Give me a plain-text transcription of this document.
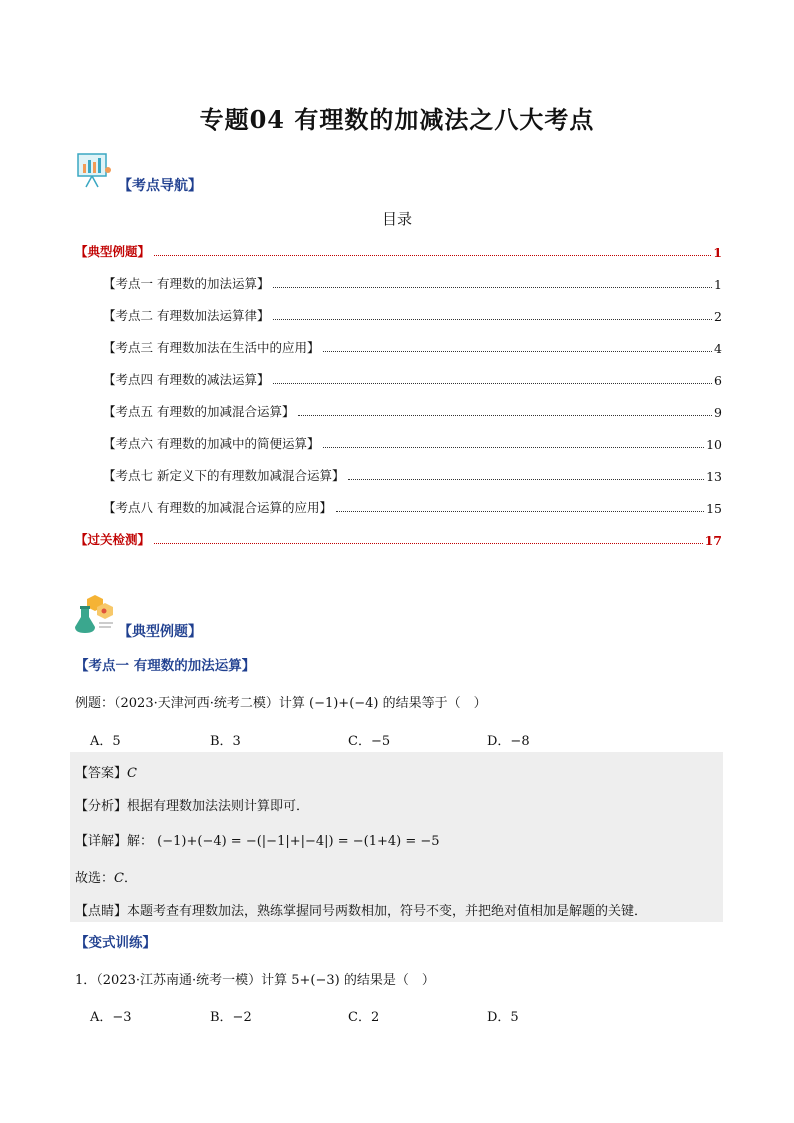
专题04 有理数的加减法之八大考点
【考点导航】
目录
【典型例题】	1
【考点一 有理数的加法运算】	1
【考点二 有理数加法运算律】	2
【考点三 有理数加法在生活中的应用】	4
【考点四 有理数的减法运算】	6
【考点五 有理数的加减混合运算】	9
【考点六 有理数的加减中的简便运算】	10
【考点七 新定义下的有理数加减混合运算】	13
【考点八 有理数的加减混合运算的应用】	15
【过关检测】	17
【典型例题】
【考点一 有理数的加法运算】
例题：（2023·天津河西·统考二模）计算 (−1)+(−4) 的结果等于（　）
A．5	B．3	C．−5	D．−8
【答案】C
【分析】根据有理数加法法则计算即可．
【详解】解： (−1)+(−4) = −(|−1|+|−4|) = −(1+4) = −5
故选：C．
【点睛】本题考查有理数加法，熟练掌握同号两数相加，符号不变，并把绝对值相加是解题的关键．
【变式训练】
1．（2023·江苏南通·统考一模）计算 5+(−3) 的结果是（　）
A．−3	B．−2	C．2	D．5
